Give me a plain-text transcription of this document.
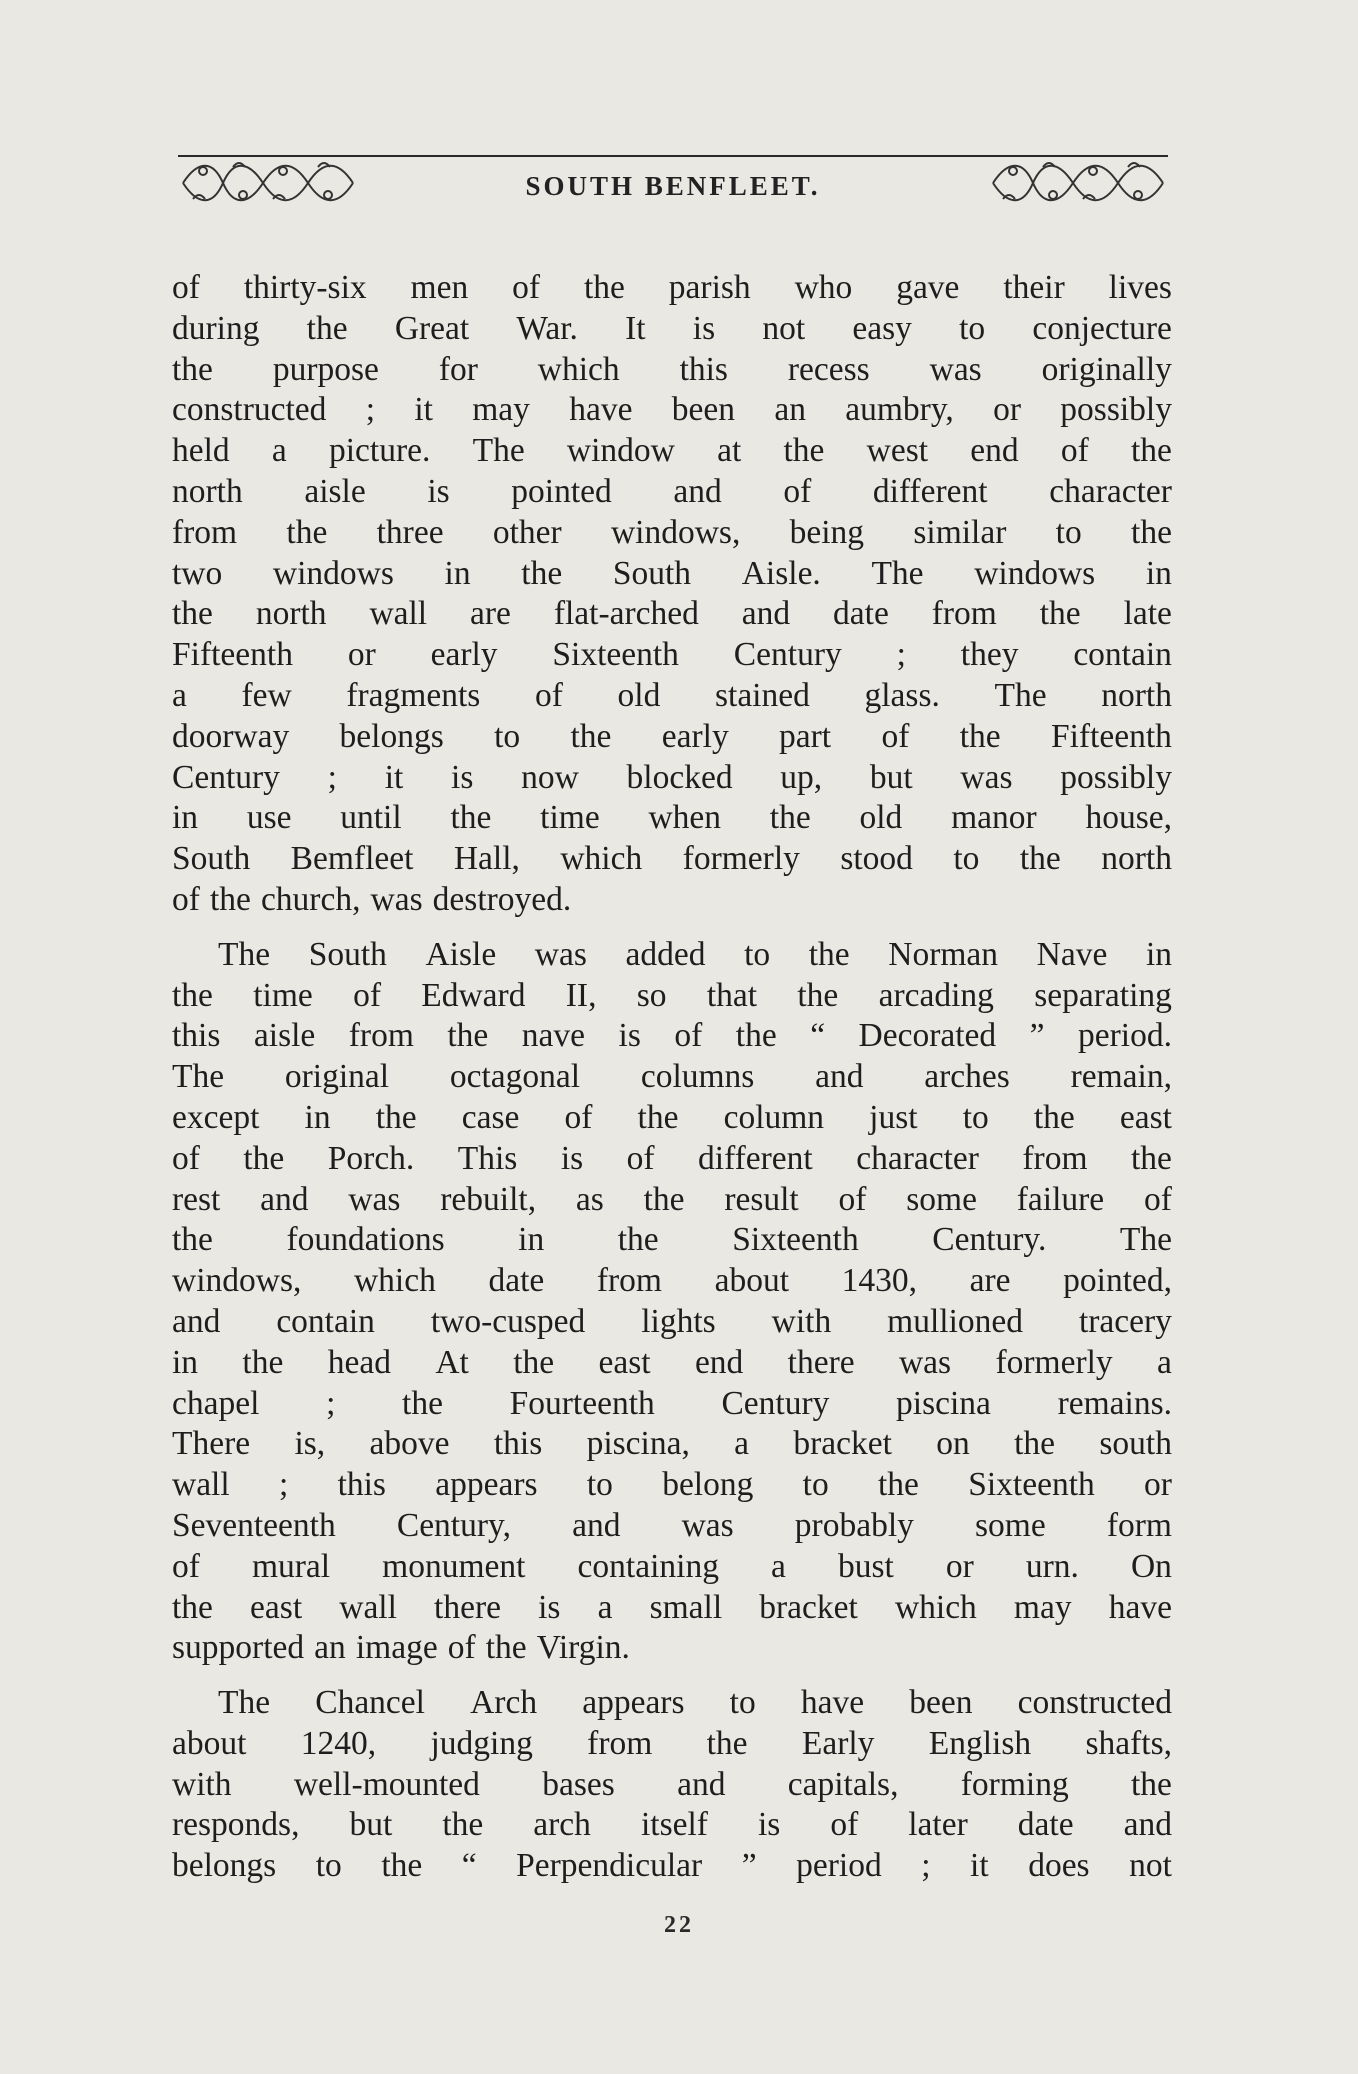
SOUTH BENFLEET.
of thirty-six men of the parish who gave their lives
during the Great War. It is not easy to conjecture
the purpose for which this recess was originally
constructed ; it may have been an aumbry, or possibly
held a picture. The window at the west end of the
north aisle is pointed and of different character
from the three other windows, being similar to the
two windows in the South Aisle. The windows in
the north wall are flat-arched and date from the late
Fifteenth or early Sixteenth Century ; they contain
a few fragments of old stained glass. The north
doorway belongs to the early part of the Fifteenth
Century ; it is now blocked up, but was possibly
in use until the time when the old manor house,
South Bemfleet Hall, which formerly stood to the north
of the church, was destroyed.
The South Aisle was added to the Norman Nave in
the time of Edward II, so that the arcading separating
this aisle from the nave is of the “ Decorated ” period.
The original octagonal columns and arches remain,
except in the case of the column just to the east
of the Porch. This is of different character from the
rest and was rebuilt, as the result of some failure of
the foundations in the Sixteenth Century. The
windows, which date from about 1430, are pointed,
and contain two-cusped lights with mullioned tracery
in the head At the east end there was formerly a
chapel ; the Fourteenth Century piscina remains.
There is, above this piscina, a bracket on the south
wall ; this appears to belong to the Sixteenth or
Seventeenth Century, and was probably some form
of mural monument containing a bust or urn. On
the east wall there is a small bracket which may have
supported an image of the Virgin.
The Chancel Arch appears to have been constructed
about 1240, judging from the Early English shafts,
with well-mounted bases and capitals, forming the
responds, but the arch itself is of later date and
belongs to the “ Perpendicular ” period ; it does not
22
